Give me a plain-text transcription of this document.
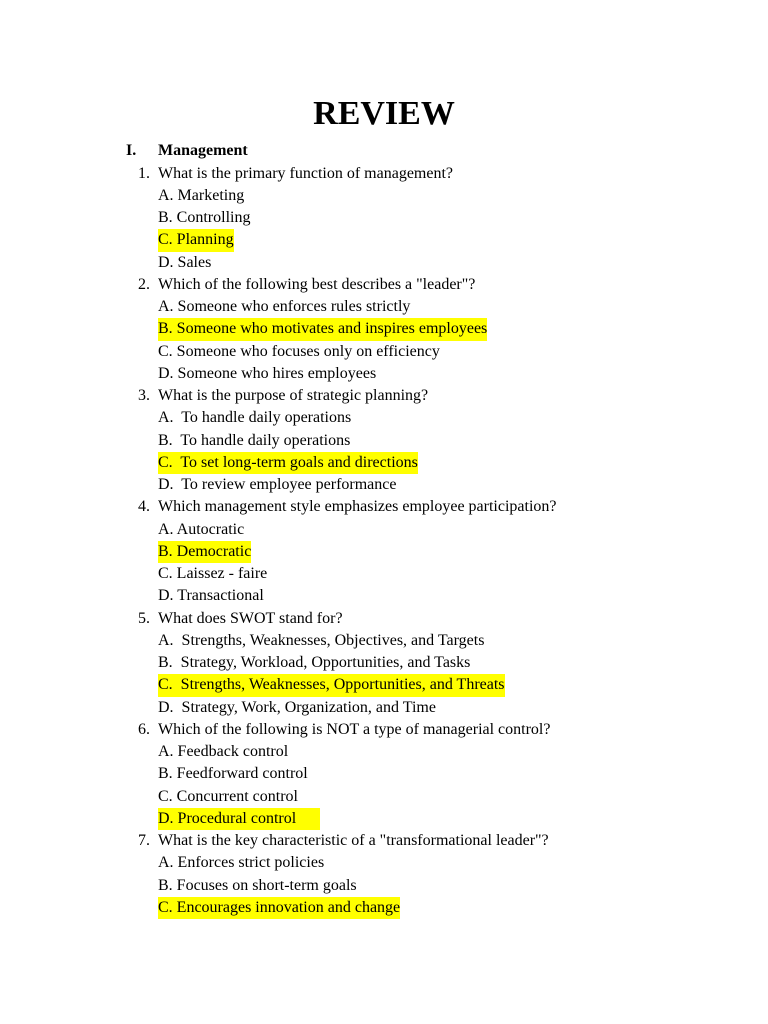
REVIEW
I. Management
1. What is the primary function of management?
A. Marketing
B. Controlling
C. Planning
D. Sales
2. Which of the following best describes a "leader"?
A. Someone who enforces rules strictly
B. Someone who motivates and inspires employees
C. Someone who focuses only on efficiency
D. Someone who hires employees
3. What is the purpose of strategic planning?
A.  To handle daily operations
B.  To handle daily operations
C.  To set long-term goals and directions
D.  To review employee performance
4. Which management style emphasizes employee participation?
A. Autocratic
B. Democratic
C. Laissez - faire
D. Transactional
5. What does SWOT stand for?
A.  Strengths, Weaknesses, Objectives, and Targets
B.  Strategy, Workload, Opportunities, and Tasks
C.  Strengths, Weaknesses, Opportunities, and Threats
D.  Strategy, Work, Organization, and Time
6. Which of the following is NOT a type of managerial control?
A. Feedback control
B. Feedforward control
C. Concurrent control
D. Procedural control
7. What is the key characteristic of a "transformational leader"?
A. Enforces strict policies
B. Focuses on short-term goals
C. Encourages innovation and change
